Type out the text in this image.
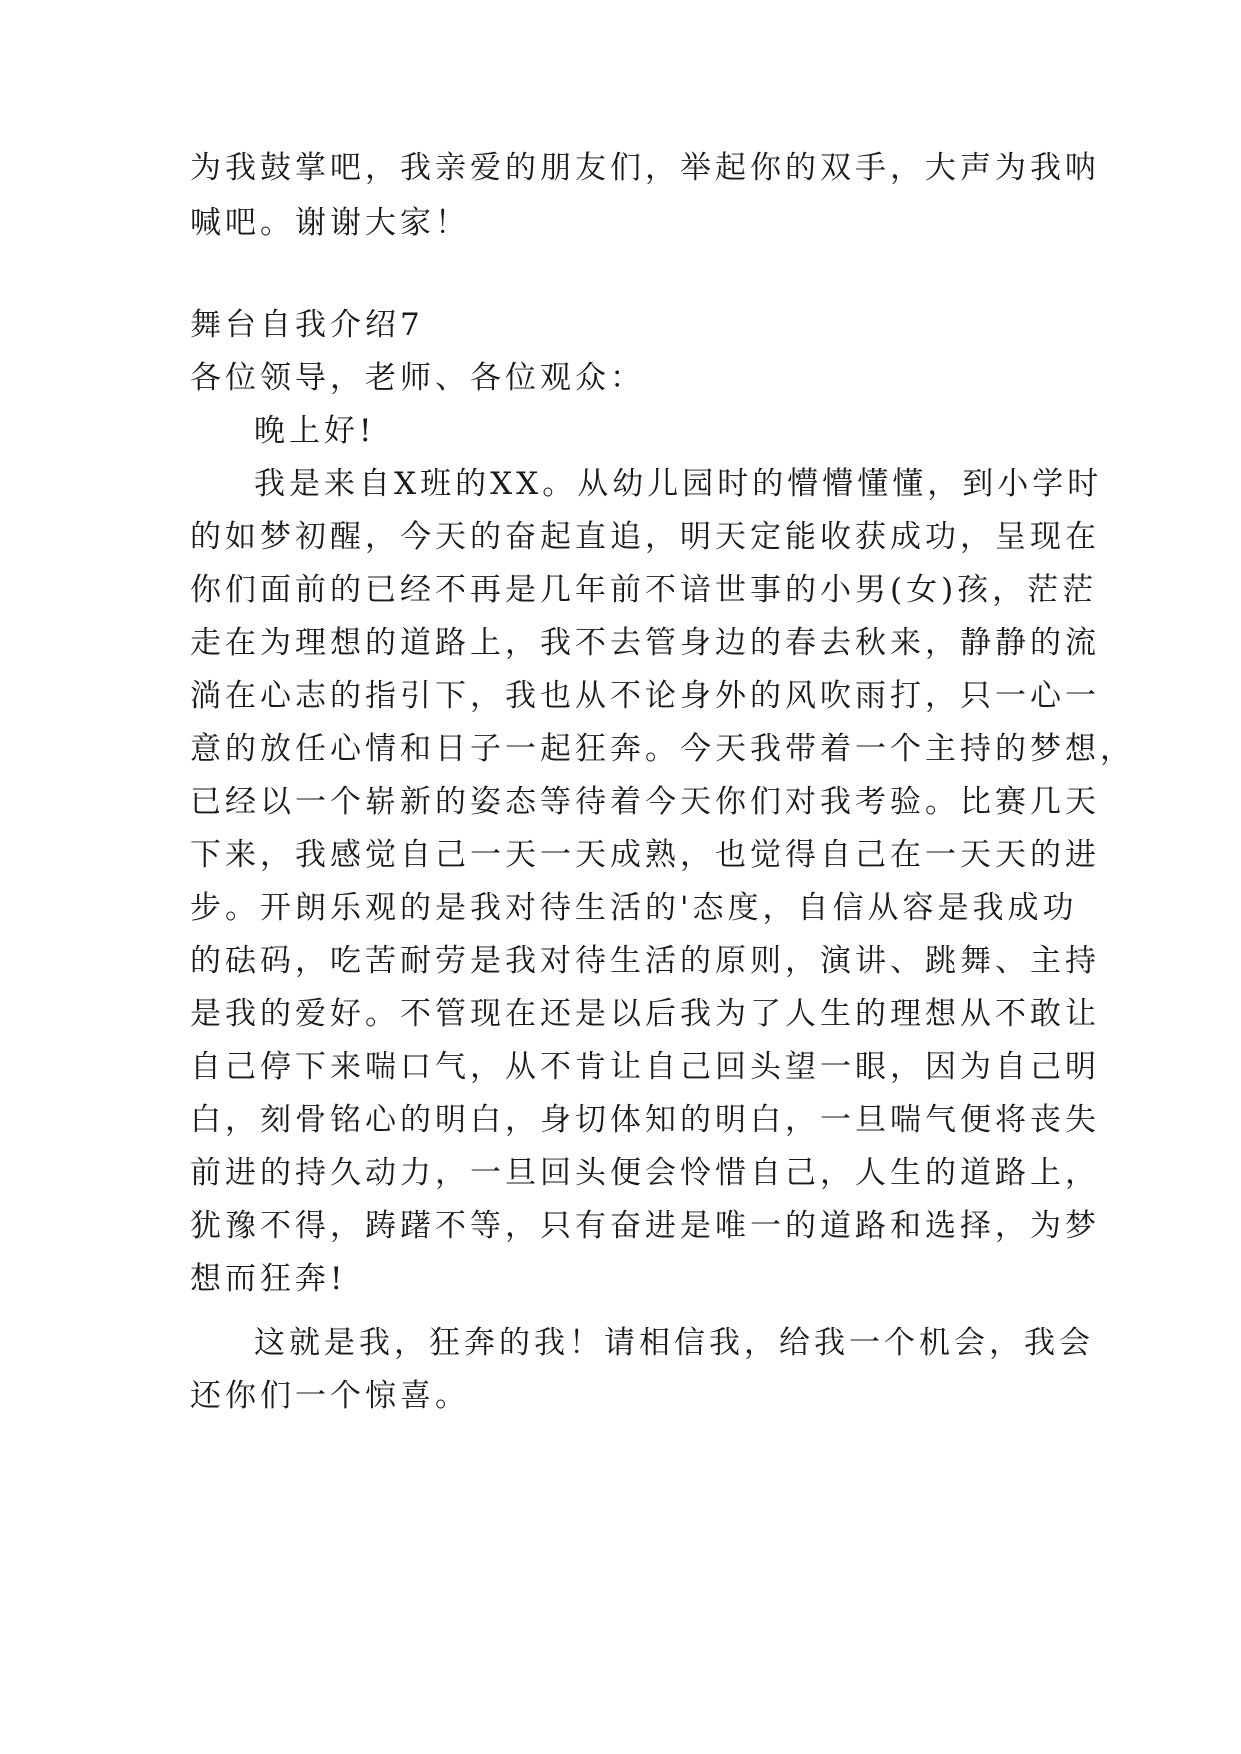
为我鼓掌吧，我亲爱的朋友们，举起你的双手，大声为我呐
喊吧。谢谢大家！
舞台自我介绍7
各位领导，老师、各位观众：
晚上好!
我是来自X班的XX。从幼儿园时的懵懵懂懂，到小学时
的如梦初醒，今天的奋起直追，明天定能收获成功，呈现在
你们面前的已经不再是几年前不谙世事的小男(女)孩，茫茫
走在为理想的道路上，我不去管身边的春去秋来，静静的流
淌在心志的指引下，我也从不论身外的风吹雨打，只一心一
意的放任心情和日子一起狂奔。今天我带着一个主持的梦想，
已经以一个崭新的姿态等待着今天你们对我考验。比赛几天
下来，我感觉自己一天一天成熟，也觉得自己在一天天的进
步。开朗乐观的是我对待生活的'态度，自信从容是我成功
的砝码，吃苦耐劳是我对待生活的原则，演讲、跳舞、主持
是我的爱好。不管现在还是以后我为了人生的理想从不敢让
自己停下来喘口气，从不肯让自己回头望一眼，因为自己明
白，刻骨铭心的明白，身切体知的明白，一旦喘气便将丧失
前进的持久动力，一旦回头便会怜惜自己，人生的道路上，
犹豫不得，踌躇不等，只有奋进是唯一的道路和选择，为梦
想而狂奔!
这就是我，狂奔的我！请相信我，给我一个机会，我会
还你们一个惊喜。
